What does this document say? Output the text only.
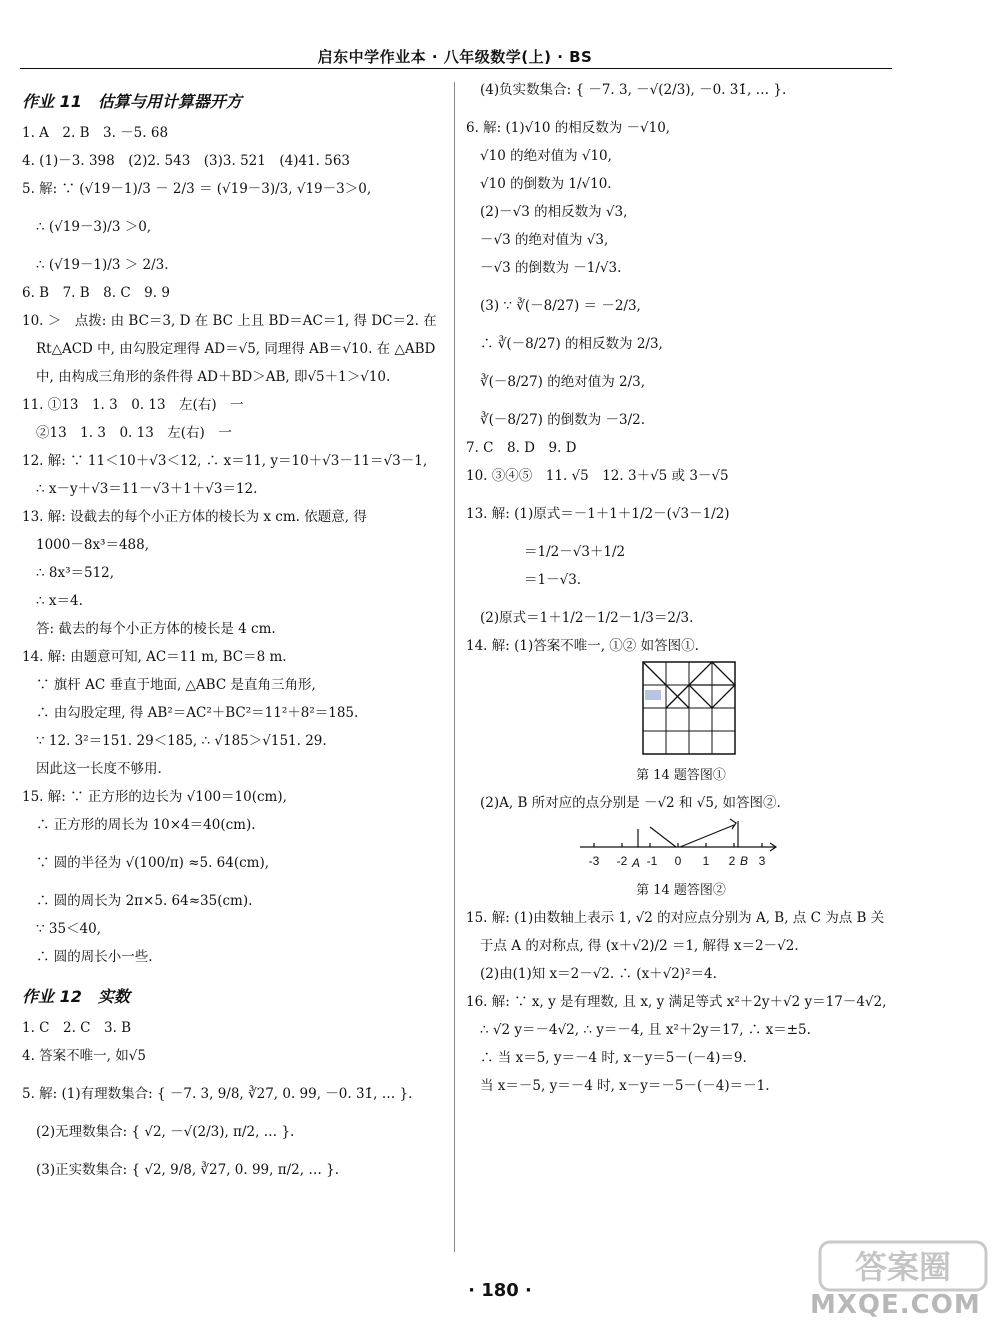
启东中学作业本 · 八年级数学(上) · BS
作业 11　估算与用计算器开方
1. A　2. B　3. －5. 68
4. (1)－3. 398　(2)2. 543　(3)3. 521　(4)41. 563
5. 解: ∵ (√19－1)/3 － 2/3 ＝ (√19－3)/3, √19－3＞0,
∴ (√19－3)/3 ＞0,
∴ (√19－1)/3 ＞ 2/3.
6. B　7. B　8. C　9. 9
10. ＞　点拨: 由 BC＝3, D 在 BC 上且 BD＝AC＝1, 得 DC＝2. 在
Rt△ACD 中, 由勾股定理得 AD＝√5, 同理得 AB＝√10. 在 △ABD
中, 由构成三角形的条件得 AD＋BD＞AB, 即√5＋1＞√10.
11. ①13　1. 3　0. 13　左(右)　一
②13　1. 3　0. 13　左(右)　一
12. 解: ∵ 11＜10＋√3＜12, ∴ x＝11, y＝10＋√3－11＝√3－1,
∴ x－y＋√3＝11－√3＋1＋√3＝12.
13. 解: 设截去的每个小正方体的棱长为 x cm. 依题意, 得
1000－8x³＝488,
∴ 8x³＝512,
∴ x＝4.
答: 截去的每个小正方体的棱长是 4 cm.
14. 解: 由题意可知, AC＝11 m, BC＝8 m.
∵ 旗杆 AC 垂直于地面, △ABC 是直角三角形,
∴ 由勾股定理, 得 AB²＝AC²＋BC²＝11²＋8²＝185.
∵ 12. 3²＝151. 29＜185, ∴ √185＞√151. 29.
因此这一长度不够用.
15. 解: ∵ 正方形的边长为 √100＝10(cm),
∴ 正方形的周长为 10×4＝40(cm).
∵ 圆的半径为 √(100/π) ≈5. 64(cm),
∴ 圆的周长为 2π×5. 64≈35(cm).
∵ 35＜40,
∴ 圆的周长小一些.
作业 12　实数
1. C　2. C　3. B
4. 答案不唯一, 如√5
5. 解: (1)有理数集合: { －7. 3, 9/8, ∛27, 0. 99, －0. 3̇1̇, … }.
(2)无理数集合: { √2, －√(2/3), π/2, … }.
(3)正实数集合: { √2, 9/8, ∛27, 0. 99, π/2, … }.
(4)负实数集合: { －7. 3, －√(2/3), －0. 3̇1̇, … }.
6. 解: (1)√10 的相反数为 －√10,
√10 的绝对值为 √10,
√10 的倒数为 1/√10.
(2)－√3 的相反数为 √3,
－√3 的绝对值为 √3,
－√3 的倒数为 －1/√3.
(3) ∵ ∛(－8/27) ＝ －2/3,
∴ ∛(－8/27) 的相反数为 2/3,
∛(－8/27) 的绝对值为 2/3,
∛(－8/27) 的倒数为 －3/2.
7. C　8. D　9. D
10. ③④⑤　11. √5　12. 3＋√5 或 3－√5
13. 解: (1)原式＝－1＋1＋1/2－(√3－1/2)
＝1/2－√3＋1/2
＝1－√3.
(2)原式＝1＋1/2－1/2－1/3＝2/3.
14. 解: (1)答案不唯一, ①② 如答图①.
第 14 题答图①
(2)A, B 所对应的点分别是 －√2 和 √5, 如答图②.
-3 -2 A -1 0 1 2 B 3
第 14 题答图②
15. 解: (1)由数轴上表示 1, √2 的对应点分别为 A, B, 点 C 为点 B 关
于点 A 的对称点, 得 (x＋√2)/2 ＝1, 解得 x＝2－√2.
(2)由(1)知 x＝2－√2. ∴ (x＋√2)²＝4.
16. 解: ∵ x, y 是有理数, 且 x, y 满足等式 x²＋2y＋√2 y＝17－4√2,
∴ √2 y＝－4√2, ∴ y＝－4, 且 x²＋2y＝17, ∴ x＝±5.
∴ 当 x＝5, y＝－4 时, x－y＝5－(－4)＝9.
当 x＝－5, y＝－4 时, x－y＝－5－(－4)＝－1.
· 180 ·
答案圈
MXQE.COM
